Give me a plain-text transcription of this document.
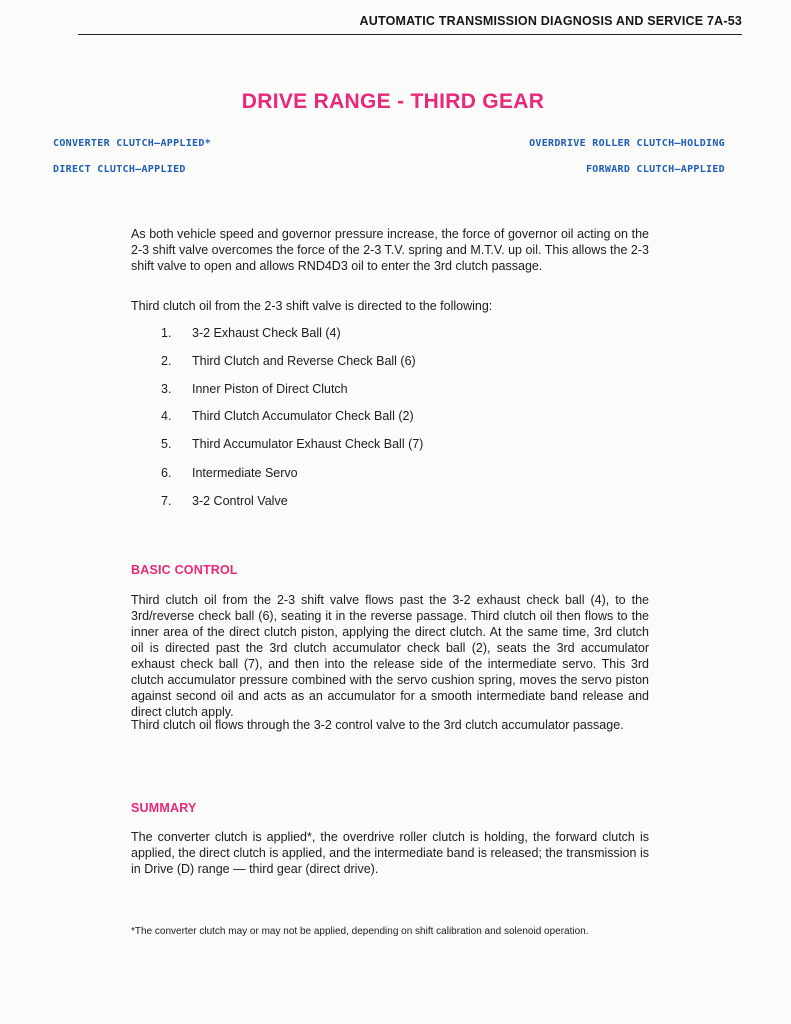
AUTOMATIC TRANSMISSION DIAGNOSIS AND SERVICE 7A-53
DRIVE RANGE - THIRD GEAR
CONVERTER CLUTCH—APPLIED*
DIRECT CLUTCH—APPLIED
OVERDRIVE ROLLER CLUTCH—HOLDING
FORWARD CLUTCH—APPLIED

As both vehicle speed and governor pressure increase, the force of governor oil acting on the 2-3 shift valve overcomes the force of the 2-3 T.V. spring and M.T.V. up oil. This allows the 2-3 shift valve to open and allows RND4D3 oil to enter the 3rd clutch passage.

Third clutch oil from the 2-3 shift valve is directed to the following:

1. 3-2 Exhaust Check Ball (4)
2. Third Clutch and Reverse Check Ball (6)
3. Inner Piston of Direct Clutch
4. Third Clutch Accumulator Check Ball (2)
5. Third Accumulator Exhaust Check Ball (7)
6. Intermediate Servo
7. 3-2 Control Valve
BASIC CONTROL

Third clutch oil from the 2-3 shift valve flows past the 3-2 exhaust check ball (4), to the 3rd/reverse check ball (6), seating it in the reverse passage. Third clutch oil then flows to the inner area of the direct clutch piston, applying the direct clutch. At the same time, 3rd clutch oil is directed past the 3rd clutch accumulator check ball (2), seats the 3rd accumulator exhaust check ball (7), and then into the release side of the intermediate servo. This 3rd clutch accumulator pressure combined with the servo cushion spring, moves the servo piston against second oil and acts as an accumulator for a smooth intermediate band release and direct clutch apply.

Third clutch oil flows through the 3-2 control valve to the 3rd clutch accumulator passage.

SUMMARY

The converter clutch is applied*, the overdrive roller clutch is holding, the forward clutch is applied, the direct clutch is applied, and the intermediate band is released; the transmission is in Drive (D) range — third gear (direct drive).

*The converter clutch may or may not be applied, depending on shift calibration and solenoid operation.
